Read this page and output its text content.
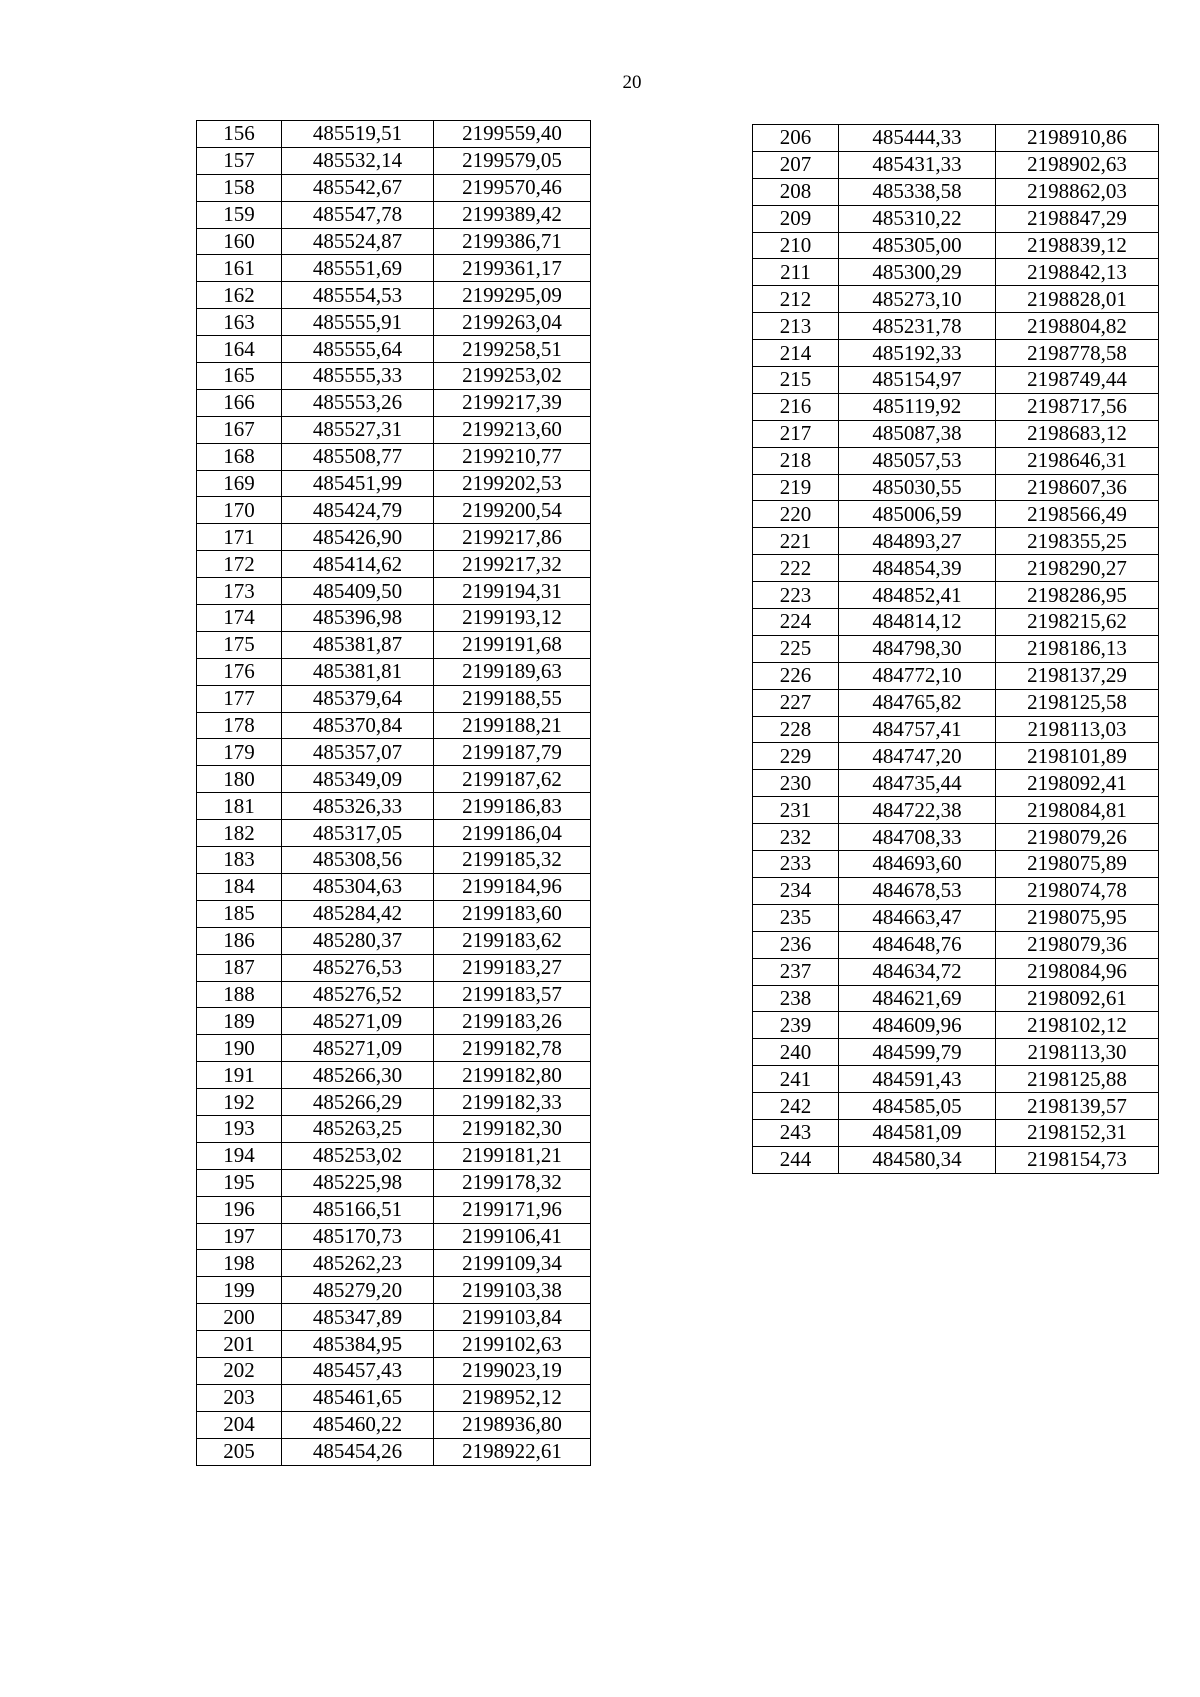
20
156	485519,51	2199559,40
157	485532,14	2199579,05
158	485542,67	2199570,46
159	485547,78	2199389,42
160	485524,87	2199386,71
161	485551,69	2199361,17
162	485554,53	2199295,09
163	485555,91	2199263,04
164	485555,64	2199258,51
165	485555,33	2199253,02
166	485553,26	2199217,39
167	485527,31	2199213,60
168	485508,77	2199210,77
169	485451,99	2199202,53
170	485424,79	2199200,54
171	485426,90	2199217,86
172	485414,62	2199217,32
173	485409,50	2199194,31
174	485396,98	2199193,12
175	485381,87	2199191,68
176	485381,81	2199189,63
177	485379,64	2199188,55
178	485370,84	2199188,21
179	485357,07	2199187,79
180	485349,09	2199187,62
181	485326,33	2199186,83
182	485317,05	2199186,04
183	485308,56	2199185,32
184	485304,63	2199184,96
185	485284,42	2199183,60
186	485280,37	2199183,62
187	485276,53	2199183,27
188	485276,52	2199183,57
189	485271,09	2199183,26
190	485271,09	2199182,78
191	485266,30	2199182,80
192	485266,29	2199182,33
193	485263,25	2199182,30
194	485253,02	2199181,21
195	485225,98	2199178,32
196	485166,51	2199171,96
197	485170,73	2199106,41
198	485262,23	2199109,34
199	485279,20	2199103,38
200	485347,89	2199103,84
201	485384,95	2199102,63
202	485457,43	2199023,19
203	485461,65	2198952,12
204	485460,22	2198936,80
205	485454,26	2198922,61
206	485444,33	2198910,86
207	485431,33	2198902,63
208	485338,58	2198862,03
209	485310,22	2198847,29
210	485305,00	2198839,12
211	485300,29	2198842,13
212	485273,10	2198828,01
213	485231,78	2198804,82
214	485192,33	2198778,58
215	485154,97	2198749,44
216	485119,92	2198717,56
217	485087,38	2198683,12
218	485057,53	2198646,31
219	485030,55	2198607,36
220	485006,59	2198566,49
221	484893,27	2198355,25
222	484854,39	2198290,27
223	484852,41	2198286,95
224	484814,12	2198215,62
225	484798,30	2198186,13
226	484772,10	2198137,29
227	484765,82	2198125,58
228	484757,41	2198113,03
229	484747,20	2198101,89
230	484735,44	2198092,41
231	484722,38	2198084,81
232	484708,33	2198079,26
233	484693,60	2198075,89
234	484678,53	2198074,78
235	484663,47	2198075,95
236	484648,76	2198079,36
237	484634,72	2198084,96
238	484621,69	2198092,61
239	484609,96	2198102,12
240	484599,79	2198113,30
241	484591,43	2198125,88
242	484585,05	2198139,57
243	484581,09	2198152,31
244	484580,34	2198154,73
